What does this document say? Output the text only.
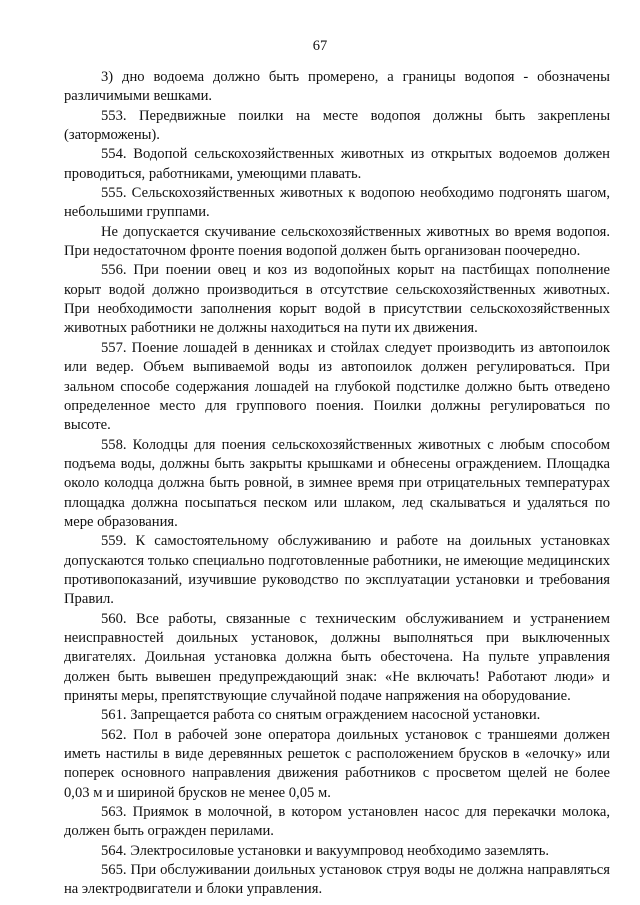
67

3) дно водоема должно быть промерено, а границы водопоя - обозначены различимыми вешками.

553. Передвижные поилки на месте водопоя должны быть закреплены (заторможены).

554. Водопой сельскохозяйственных животных из открытых водоемов должен проводиться, работниками, умеющими плавать.

555. Сельскохозяйственных животных к водопою необходимо подгонять шагом, небольшими группами.

Не допускается скучивание сельскохозяйственных животных во время водопоя. При недостаточном фронте поения водопой должен быть организован поочередно.

556. При поении овец и коз из водопойных корыт на пастбищах пополнение корыт водой должно производиться в отсутствие сельскохозяйственных животных. При необходимости заполнения корыт водой в присутствии сельскохозяйственных животных работники не должны находиться на пути их движения.

557. Поение лошадей в денниках и стойлах следует производить из автопоилок или ведер. Объем выпиваемой воды из автопоилок должен регулироваться. При зальном способе содержания лошадей на глубокой подстилке должно быть отведено определенное место для группового поения. Поилки должны регулироваться по высоте.

558. Колодцы для поения сельскохозяйственных животных с любым способом подъема воды, должны быть закрыты крышками и обнесены ограждением. Площадка около колодца должна быть ровной, в зимнее время при отрицательных температурах площадка должна посыпаться песком или шлаком, лед скалываться и удаляться по мере образования.

559. К самостоятельному обслуживанию и работе на доильных установках допускаются только специально подготовленные работники, не имеющие медицинских противопоказаний, изучившие руководство по эксплуатации установки и требования Правил.

560. Все работы, связанные с техническим обслуживанием и устранением неисправностей доильных установок, должны выполняться при выключенных двигателях. Доильная установка должна быть обесточена. На пульте управления должен быть вывешен предупреждающий знак: «Не включать! Работают люди» и приняты меры, препятствующие случайной подаче напряжения на оборудование.

561. Запрещается работа со снятым ограждением насосной установки.

562. Пол в рабочей зоне оператора доильных установок с траншеями должен иметь настилы в виде деревянных решеток с расположением брусков в «елочку» или поперек основного направления движения работников с просветом щелей не более 0,03 м и шириной брусков не менее 0,05 м.

563. Приямок в молочной, в котором установлен насос для перекачки молока, должен быть огражден перилами.

564. Электросиловые установки и вакуумпровод необходимо заземлять.

565. При обслуживании доильных установок струя воды не должна направляться на электродвигатели и блоки управления.
